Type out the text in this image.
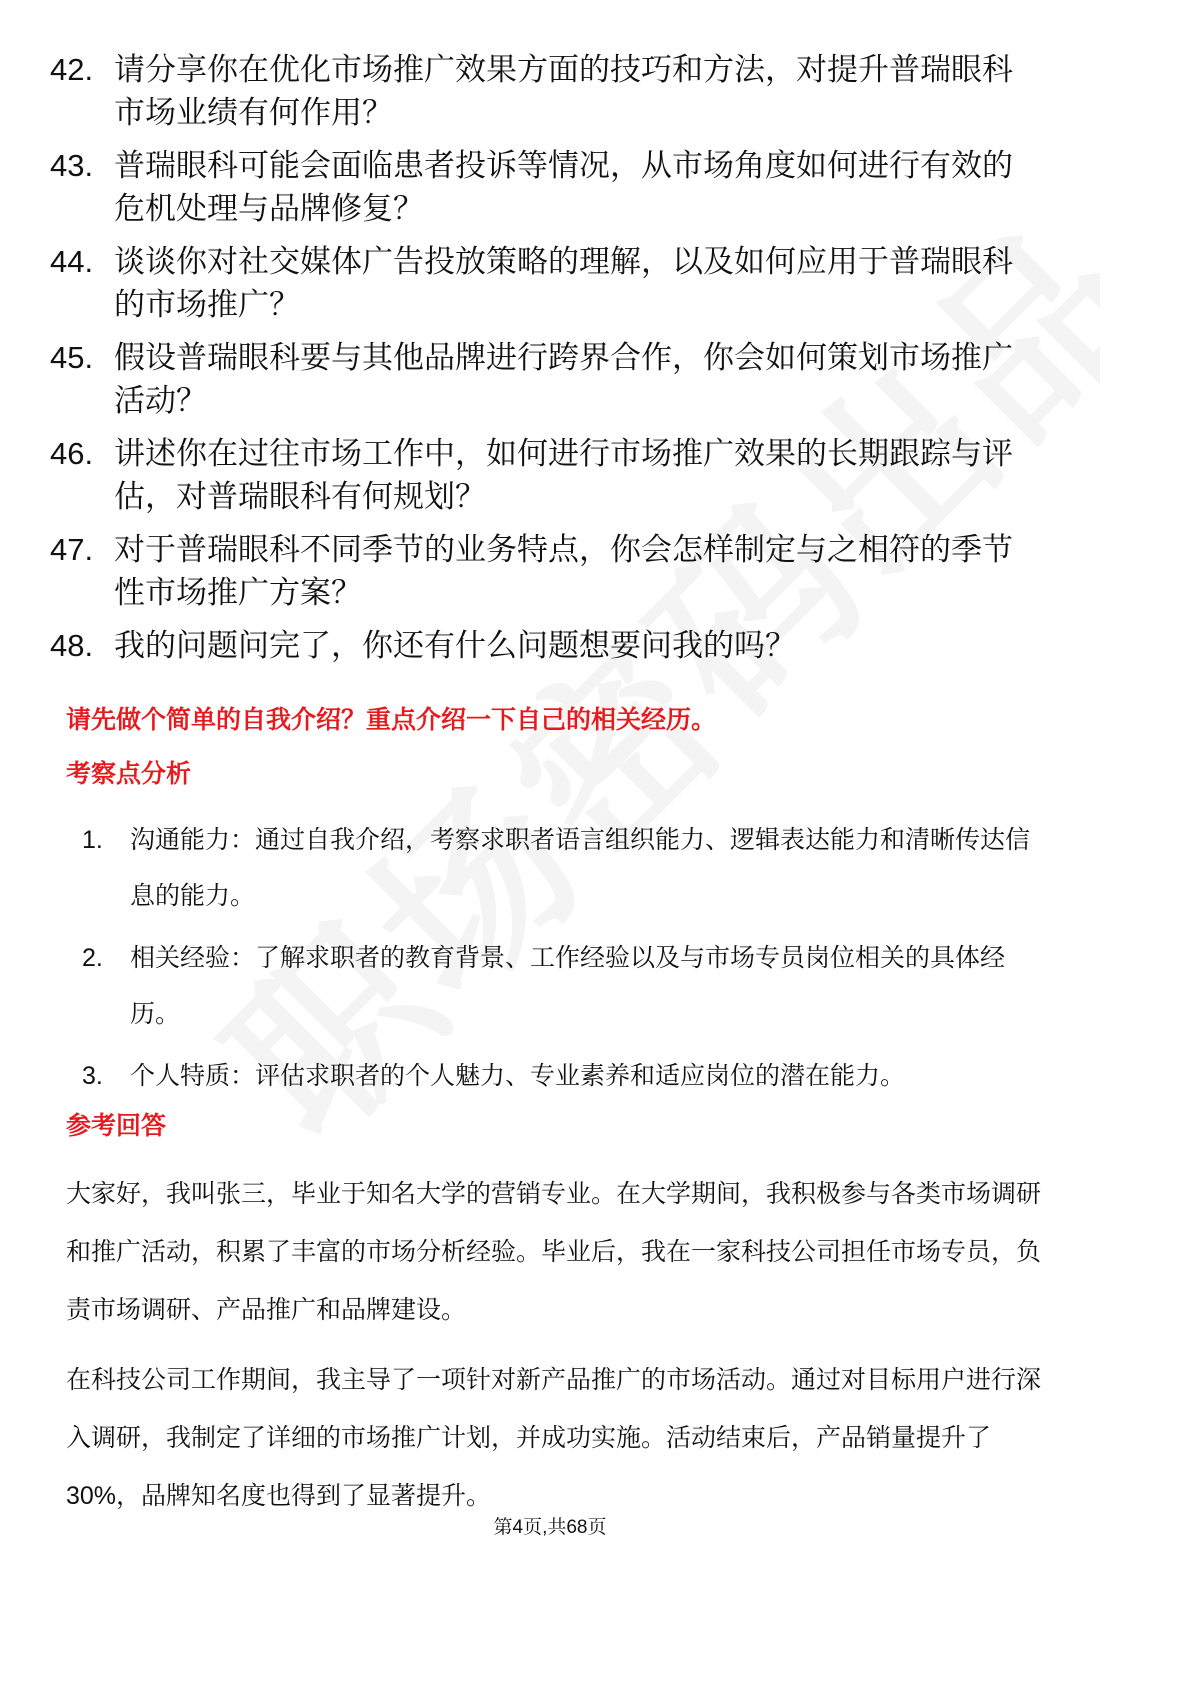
42. 请分享你在优化市场推广效果方面的技巧和方法，对提升普瑞眼科市场业绩有何作用？
43. 普瑞眼科可能会面临患者投诉等情况，从市场角度如何进行有效的危机处理与品牌修复？
44. 谈谈你对社交媒体广告投放策略的理解，以及如何应用于普瑞眼科的市场推广？
45. 假设普瑞眼科要与其他品牌进行跨界合作，你会如何策划市场推广活动？
46. 讲述你在过往市场工作中，如何进行市场推广效果的长期跟踪与评估，对普瑞眼科有何规划？
47. 对于普瑞眼科不同季节的业务特点，你会怎样制定与之相符的季节性市场推广方案？
48. 我的问题问完了，你还有什么问题想要问我的吗？
请先做个简单的自我介绍？重点介绍一下自己的相关经历。
考察点分析
1.	沟通能力：通过自我介绍，考察求职者语言组织能力、逻辑表达能力和清晰传达信息的能力。
2.	相关经验：了解求职者的教育背景、工作经验以及与市场专员岗位相关的具体经历。
3.	个人特质：评估求职者的个人魅力、专业素养和适应岗位的潜在能力。
参考回答
大家好，我叫张三，毕业于知名大学的营销专业。在大学期间，我积极参与各类市场调研和推广活动，积累了丰富的市场分析经验。毕业后，我在一家科技公司担任市场专员，负责市场调研、产品推广和品牌建设。
在科技公司工作期间，我主导了一项针对新产品推广的市场活动。通过对目标用户进行深入调研，我制定了详细的市场推广计划，并成功实施。活动结束后，产品销量提升了30%，品牌知名度也得到了显著提升。
第4页,共68页
